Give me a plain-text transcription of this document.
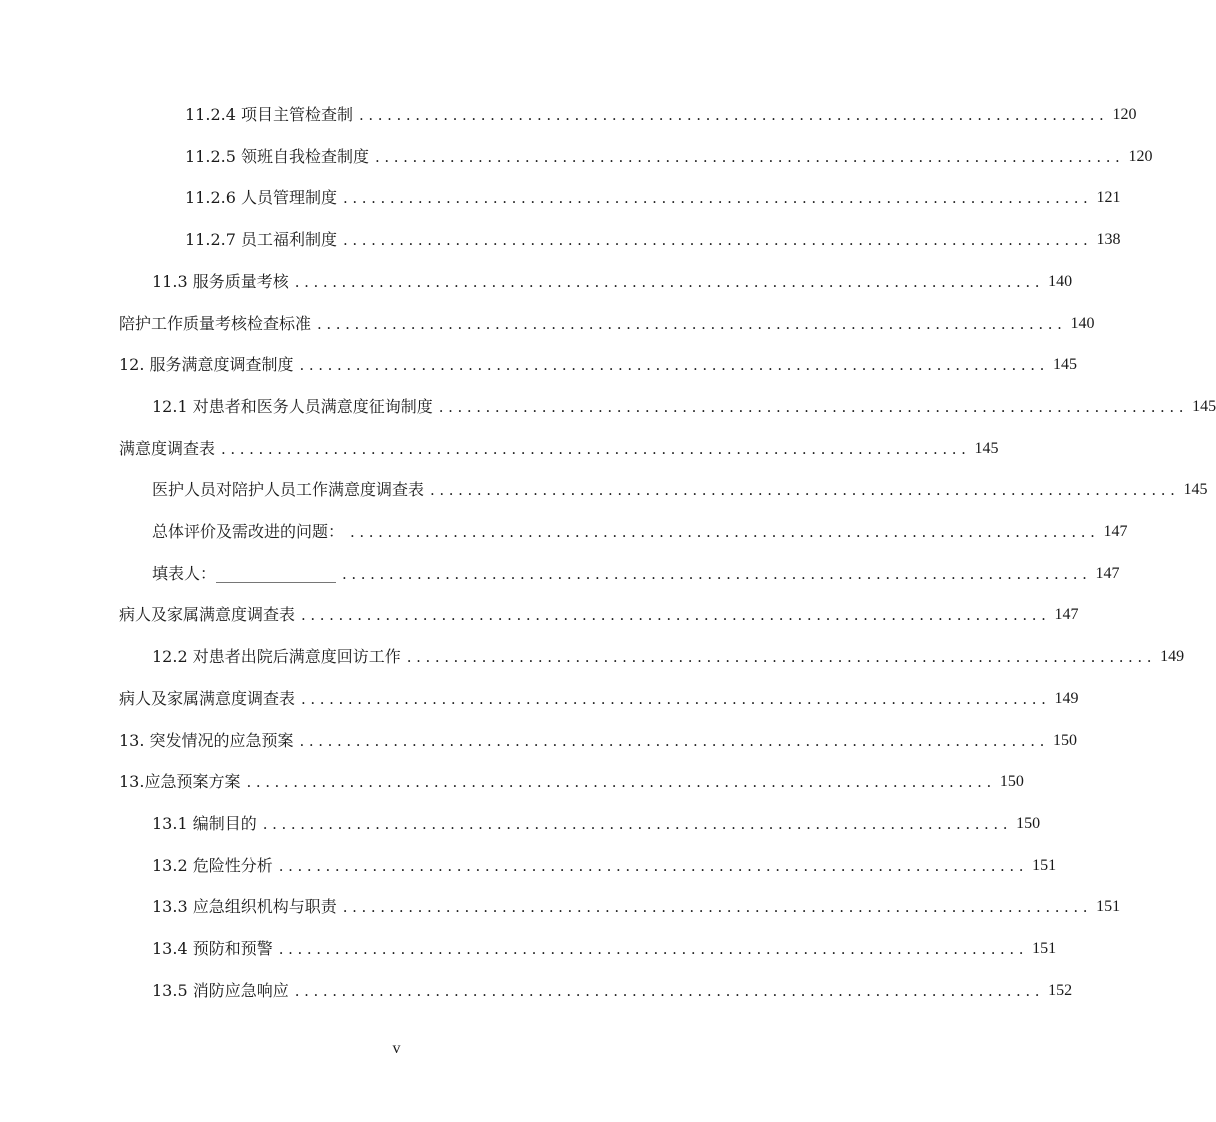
11.2.4 项目主管检查制 ................................................................................ 120
11.2.5 领班自我检查制度 ................................................................................ 120
11.2.6 人员管理制度 ................................................................................ 121
11.2.7 员工福利制度 ................................................................................ 138
11.3 服务质量考核 ................................................................................ 140
陪护工作质量考核检查标准 ................................................................................ 140
12. 服务满意度调查制度 ................................................................................ 145
12.1 对患者和医务人员满意度征询制度 ................................................................................ 145
满意度调查表 ................................................................................ 145
医护人员对陪护人员工作满意度调查表 ................................................................................ 145
总体评价及需改进的问题： ................................................................................ 147
填表人：_______________ ................................................................................ 147
病人及家属满意度调查表 ................................................................................ 147
12.2 对患者出院后满意度回访工作 ................................................................................ 149
病人及家属满意度调查表 ................................................................................ 149
13. 突发情况的应急预案 ................................................................................ 150
13.应急预案方案 ................................................................................ 150
13.1 编制目的 ................................................................................ 150
13.2 危险性分析 ................................................................................ 151
13.3 应急组织机构与职责 ................................................................................ 151
13.4 预防和预警 ................................................................................ 151
13.5 消防应急响应 ................................................................................ 152
v
